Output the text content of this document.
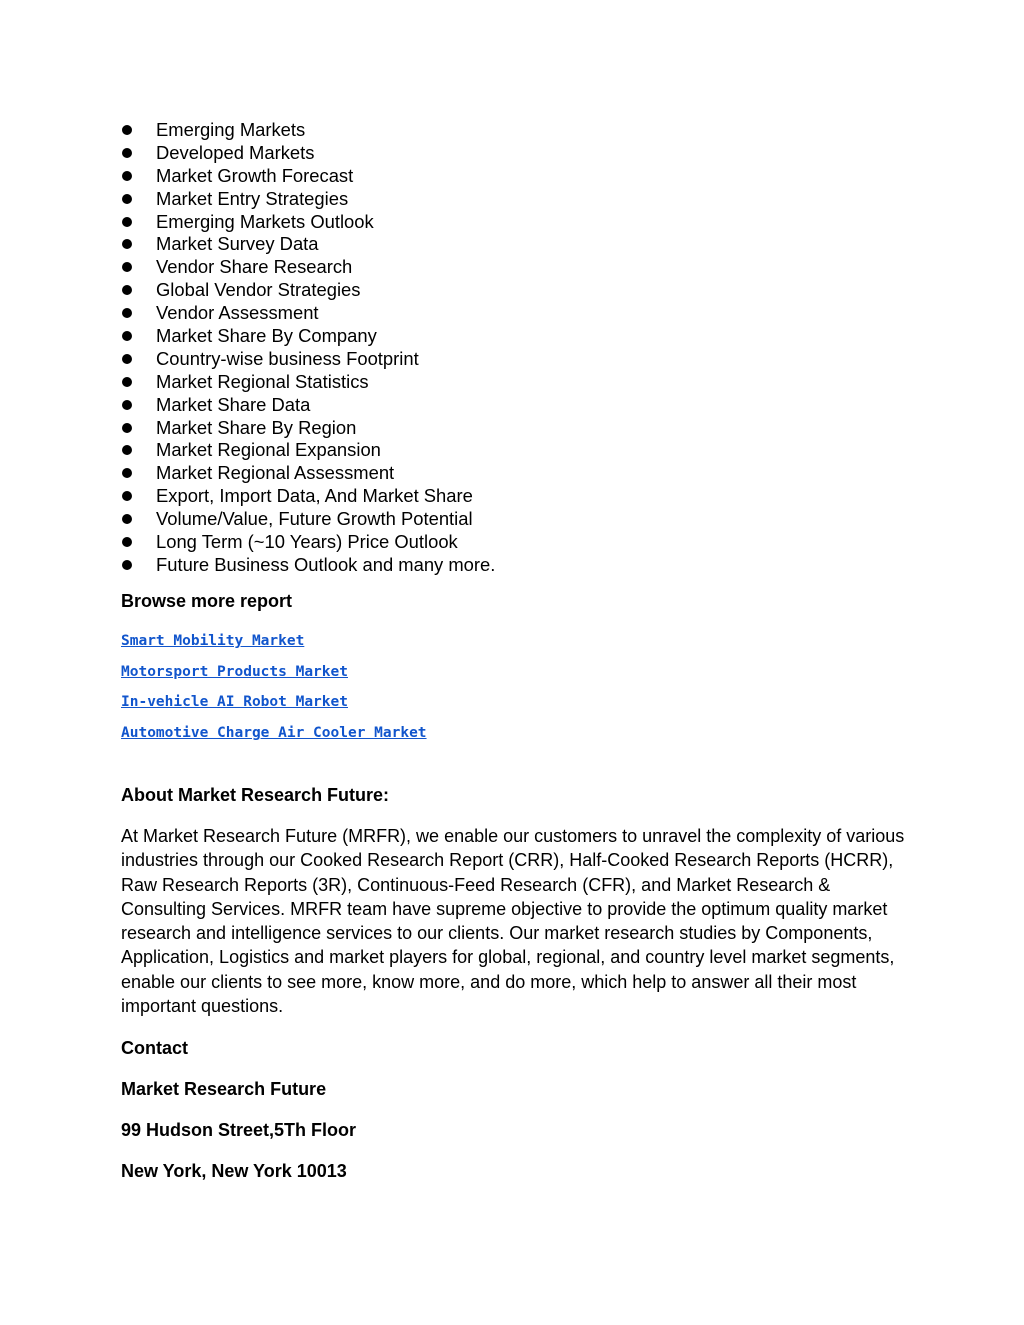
Emerging Markets
Developed Markets
Market Growth Forecast
Market Entry Strategies
Emerging Markets Outlook
Market Survey Data
Vendor Share Research
Global Vendor Strategies
Vendor Assessment
Market Share By Company
Country-wise business Footprint
Market Regional Statistics
Market Share Data
Market Share By Region
Market Regional Expansion
Market Regional Assessment
Export, Import Data, And Market Share
Volume/Value, Future Growth Potential
Long Term (~10 Years) Price Outlook
Future Business Outlook and many more.
Browse more report
Smart Mobility Market
Motorsport Products Market
In-vehicle AI Robot Market
Automotive Charge Air Cooler Market
About Market Research Future:

At Market Research Future (MRFR), we enable our customers to unravel the complexity of various industries through our Cooked Research Report (CRR), Half-Cooked Research Reports (HCRR), Raw Research Reports (3R), Continuous-Feed Research (CFR), and Market Research & Consulting Services. MRFR team have supreme objective to provide the optimum quality market research and intelligence services to our clients. Our market research studies by Components, Application, Logistics and market players for global, regional, and country level market segments, enable our clients to see more, know more, and do more, which help to answer all their most important questions.

Contact
Market Research Future
99 Hudson Street,5Th Floor
New York, New York 10013
